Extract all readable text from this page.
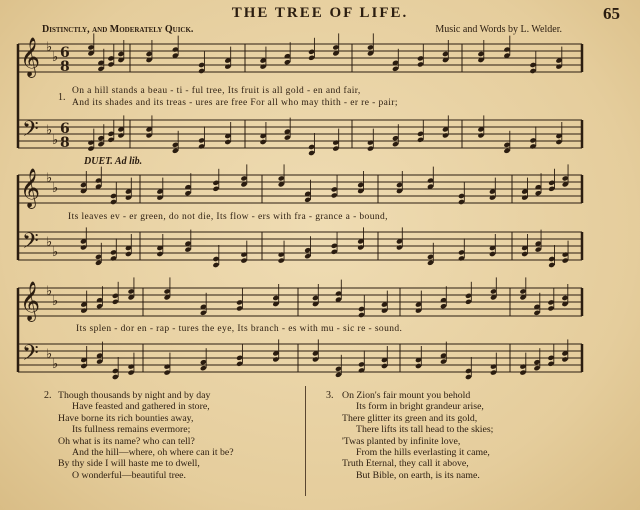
THE TREE OF LIFE.	65
Distinctly, and Moderately Quick.	Music and Words by L. Welder.
𝄞
𝄢
♭
♭
♭
♭
6
8
6
8
𝄞
𝄢
♭
♭
♭
♭
𝄞
𝄢
♭
♭
♭
♭
1.
On a hill stands a beau - ti - ful tree, Its fruit is all gold - en and fair,
And its shades and its treas - ures are free For all who may thith - er re - pair;
DUET. Ad lib.
Its leaves ev - er green, do not die, Its flow - ers with fra - grance a - bound,
Its splen - dor en - rap - tures the eye, Its branch - es with mu - sic re - sound.
2. Though thousands by night and by day
Have feasted and gathered in store,
Have borne its rich bounties away,
Its fullness remains evermore;
Oh what is its name? who can tell?
And the hill—where, oh where can it be?
By thy side I will haste me to dwell,
O wonderful—beautiful tree.
3. On Zion's fair mount you behold
Its form in bright grandeur arise,
There glitter its green and its gold,
There lifts its tall head to the skies;
'Twas planted by infinite love,
From the hills everlasting it came,
Truth Eternal, they call it above,
But Bible, on earth, is its name.
